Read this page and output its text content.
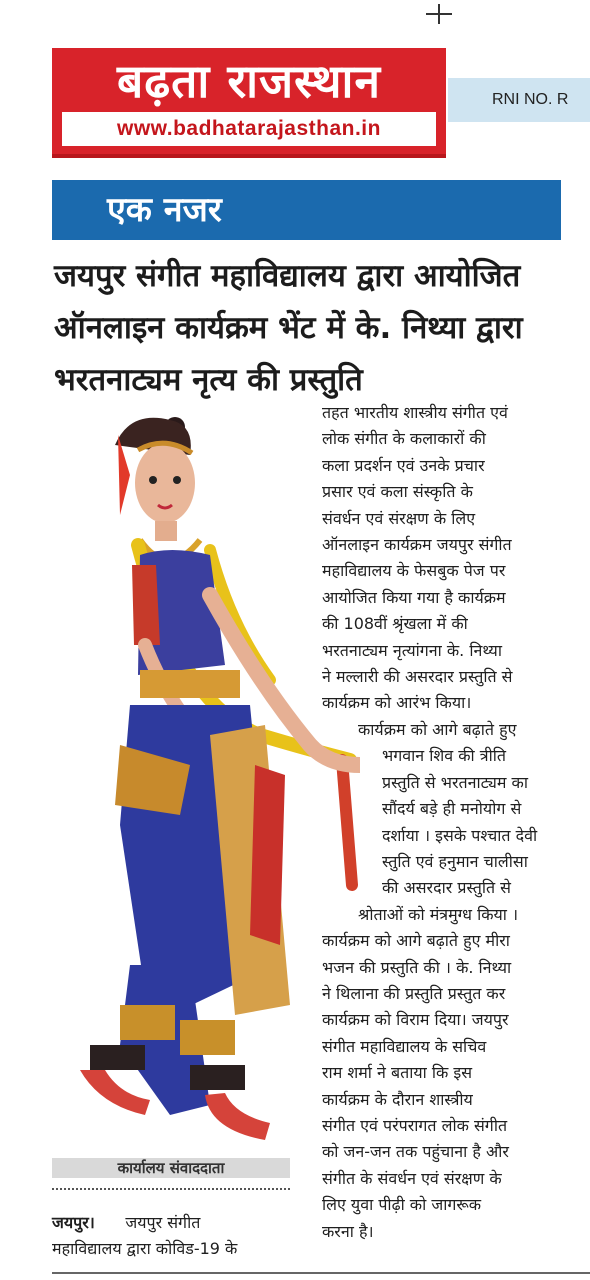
बढ़ता राजस्थान
www.badhatarajasthan.in
RNI NO. R
एक नजर
जयपुर संगीत महाविद्यालय द्वारा आयोजित
ऑनलाइन कार्यक्रम भेंट में के. निथ्या द्वारा
भरतनाट्यम नृत्य की प्रस्तुति
तहत भारतीय शास्त्रीय संगीत एवं
लोक संगीत के कलाकारों की
कला प्रदर्शन एवं उनके प्रचार
प्रसार एवं कला संस्कृति के
संवर्धन एवं संरक्षण के लिए
ऑनलाइन कार्यक्रम जयपुर संगीत
महाविद्यालय के फेसबुक पेज पर
आयोजित किया गया है कार्यक्रम
की 108वीं श्रृंखला में की
भरतनाट्यम नृत्यांगना के. निथ्या
ने मल्लारी की असरदार प्रस्तुति से
कार्यक्रम को आरंभ किया।
कार्यक्रम को आगे बढ़ाते हुए
भगवान शिव की त्रीति
प्रस्तुति से भरतनाट्यम का
सौंदर्य बड़े ही मनोयोग से
दर्शाया । इसके पश्चात देवी
स्तुति एवं हनुमान चालीसा
की असरदार प्रस्तुति से
श्रोताओं को मंत्रमुग्ध किया ।
कार्यक्रम को आगे बढ़ाते हुए मीरा
भजन की प्रस्तुति की । के. निथ्या
ने थिलाना की प्रस्तुति प्रस्तुत कर
कार्यक्रम को विराम दिया। जयपुर
संगीत महाविद्यालय के सचिव
राम शर्मा ने बताया कि इस
कार्यक्रम के दौरान शास्त्रीय
संगीत एवं परंपरागत लोक संगीत
को जन-जन तक पहुंचाना है और
संगीत के संवर्धन एवं संरक्षण के
लिए युवा पीढ़ी को जागरूक
करना है।
कार्यालय संवाददाता
जयपुर। जयपुर संगीत
महाविद्यालय द्वारा कोविड-19 के
